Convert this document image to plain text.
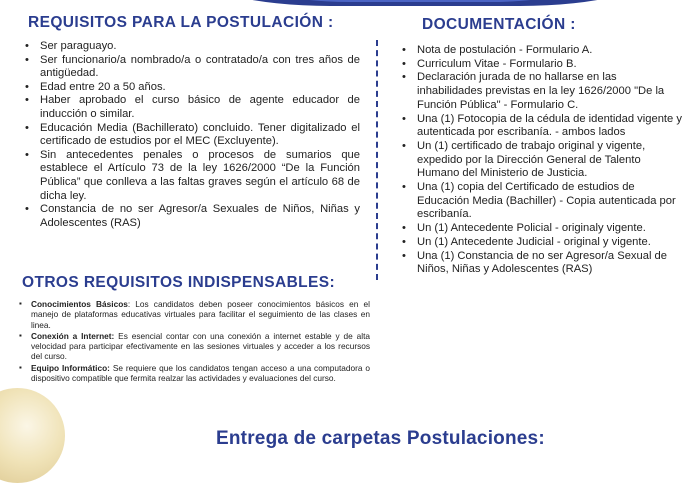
REQUISITOS PARA LA POSTULACIÓN :
• Ser paraguayo.
• Ser funcionario/a nombrado/a o contratado/a con tres años de antigüedad.
• Edad entre 20 a 50 años.
• Haber aprobado el curso básico de agente educador de inducción o similar.
• Educación Media (Bachillerato) concluido. Tener digitalizado el certificado de estudios por el MEC (Excluyente).
• Sin antecedentes penales o procesos de sumarios que establece el Artículo 73 de la ley 1626/2000 “De la Función Pública” que conlleva a las faltas graves según el artículo 68 de dicha ley.
• Constancia de no ser Agresor/a Sexuales de Niños, Niñas y Adolescentes (RAS)
OTROS REQUISITOS INDISPENSABLES:
▪ Conocimientos Básicos: Los candidatos deben poseer conocimientos básicos en el manejo de plataformas educativas virtuales para facilitar el seguimiento de las clases en linea.
▪ Conexión a Internet: Es esencial contar con una conexión a internet estable y de alta velocidad para participar efectivamente en las sesiones virtuales y acceder a los recursos del curso.
▪ Equipo Informático: Se requiere que los candidatos tengan acceso a una computadora o dispositivo compatible que fermita realzar las actividades y evaluaciones del curso.
DOCUMENTACIÓN :
• Nota de postulación - Formulario A.
• Curriculum Vitae - Formulario B.
• Declaración jurada de no hallarse en las inhabilidades previstas en la ley 1626/2000 "De la Función Pública" - Formulario C.
• Una (1) Fotocopia de la cédula de identidad vigente y autenticada por escribanía. - ambos lados
• Un (1) certificado de trabajo original y vigente, expedido por la Dirección General de Talento Humano del Ministerio de Justicia.
• Una (1) copia del Certificado de estudios de Educación Media (Bachiller) - Copia autenticada por escribanía.
• Un (1) Antecedente Policial - originaly vigente.
• Un (1) Antecedente Judicial - original y vigente.
• Una (1) Constancia de no ser Agresor/a Sexual de Niños, Niñas y Adolescentes (RAS)
Entrega de carpetas Postulaciones:
